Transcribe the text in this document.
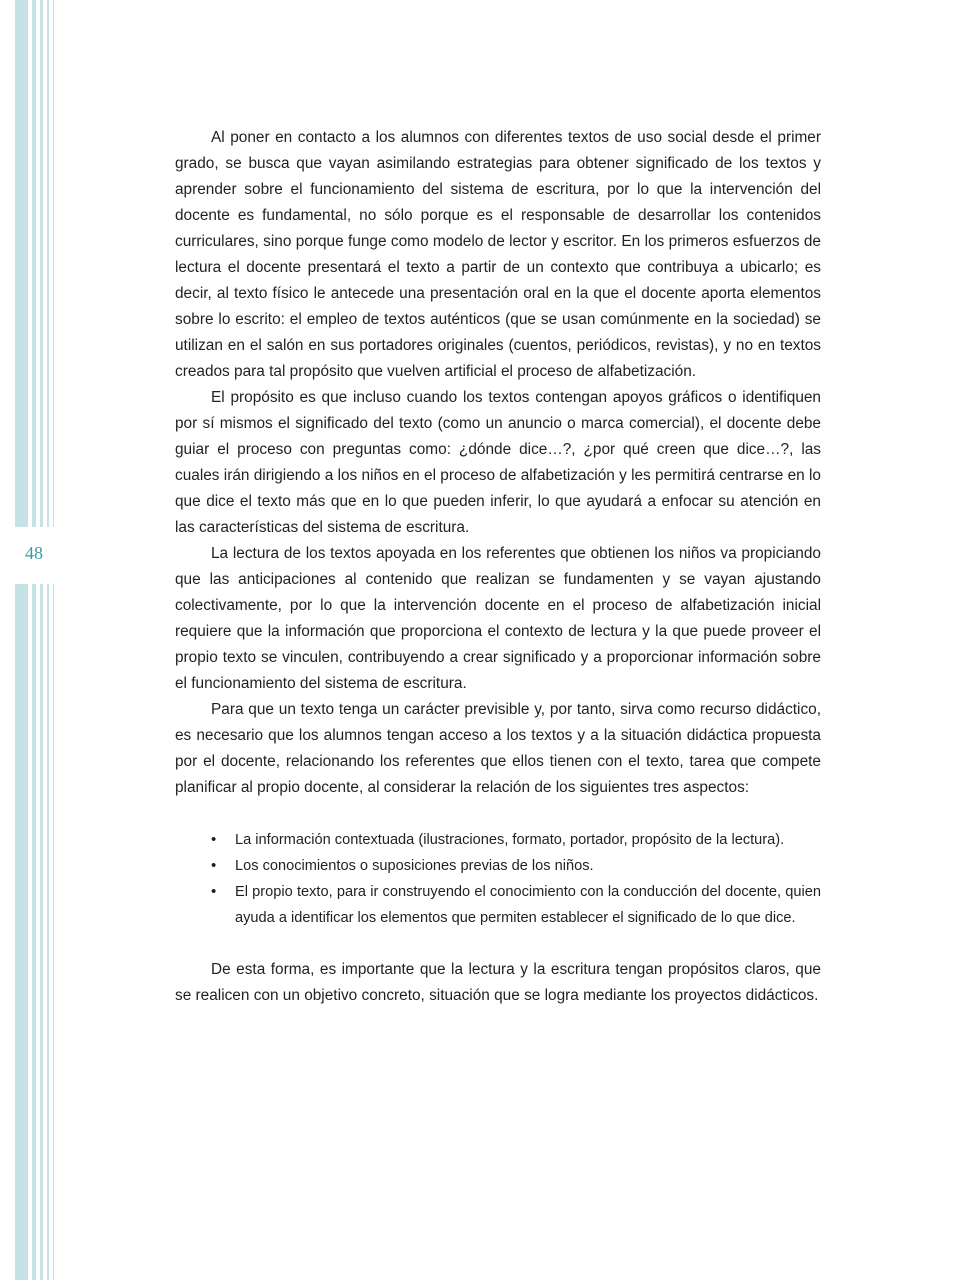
48

Al poner en contacto a los alumnos con diferentes textos de uso social desde el primer grado, se busca que vayan asimilando estrategias para obtener significado de los textos y aprender sobre el funcionamiento del sistema de escritura, por lo que la intervención del docente es fundamental, no sólo porque es el responsable de desarrollar los contenidos curriculares, sino porque funge como modelo de lector y escritor. En los primeros esfuerzos de lectura el docente presentará el texto a partir de un contexto que contribuya a ubicarlo; es decir, al texto físico le antecede una presentación oral en la que el docente aporta elementos sobre lo escrito: el empleo de textos auténticos (que se usan comúnmente en la sociedad) se utilizan en el salón en sus portadores originales (cuentos, periódicos, revistas), y no en textos creados para tal propósito que vuelven artificial el proceso de alfabetización.

El propósito es que incluso cuando los textos contengan apoyos gráficos o identifiquen por sí mismos el significado del texto (como un anuncio o marca comercial), el docente debe guiar el proceso con preguntas como: ¿dónde dice…?, ¿por qué creen que dice…?, las cuales irán dirigiendo a los niños en el proceso de alfabetización y les permitirá centrarse en lo que dice el texto más que en lo que pueden inferir, lo que ayudará a enfocar su atención en las características del sistema de escritura.

La lectura de los textos apoyada en los referentes que obtienen los niños va propiciando que las anticipaciones al contenido que realizan se fundamenten y se vayan ajustando colectivamente, por lo que la intervención docente en el proceso de alfabetización inicial requiere que la información que proporciona el contexto de lectura y la que puede proveer el propio texto se vinculen, contribuyendo a crear significado y a proporcionar información sobre el funcionamiento del sistema de escritura.

Para que un texto tenga un carácter previsible y, por tanto, sirva como recurso didáctico, es necesario que los alumnos tengan acceso a los textos y a la situación didáctica propuesta por el docente, relacionando los referentes que ellos tienen con el texto, tarea que compete planificar al propio docente, al considerar la relación de los siguientes tres aspectos:

• La información contextuada (ilustraciones, formato, portador, propósito de la lectura).
• Los conocimientos o suposiciones previas de los niños.
• El propio texto, para ir construyendo el conocimiento con la conducción del docente, quien ayuda a identificar los elementos que permiten establecer el significado de lo que dice.

De esta forma, es importante que la lectura y la escritura tengan propósitos claros, que se realicen con un objetivo concreto, situación que se logra mediante los proyectos didácticos.
